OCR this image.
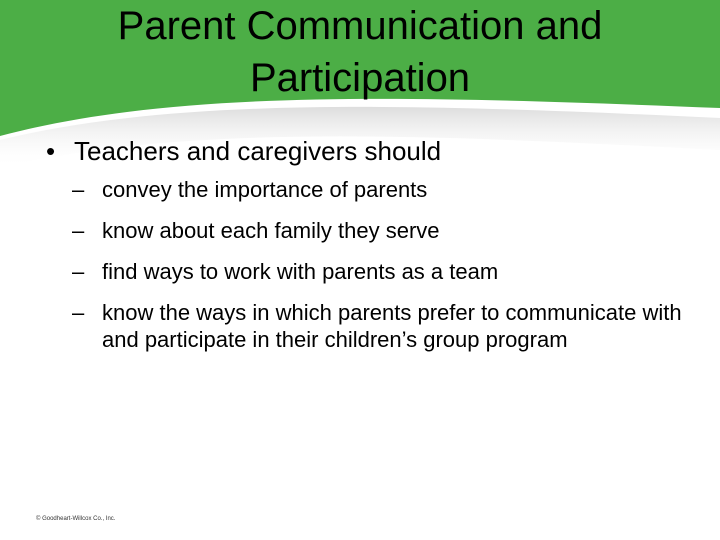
Parent Communication and
Participation
• Teachers and caregivers should
– convey the importance of parents
– know about each family they serve
– find ways to work with parents as a team
– know the ways in which parents prefer to communicate with and participate in their children’s group program
© Goodheart-Willcox Co., Inc.
